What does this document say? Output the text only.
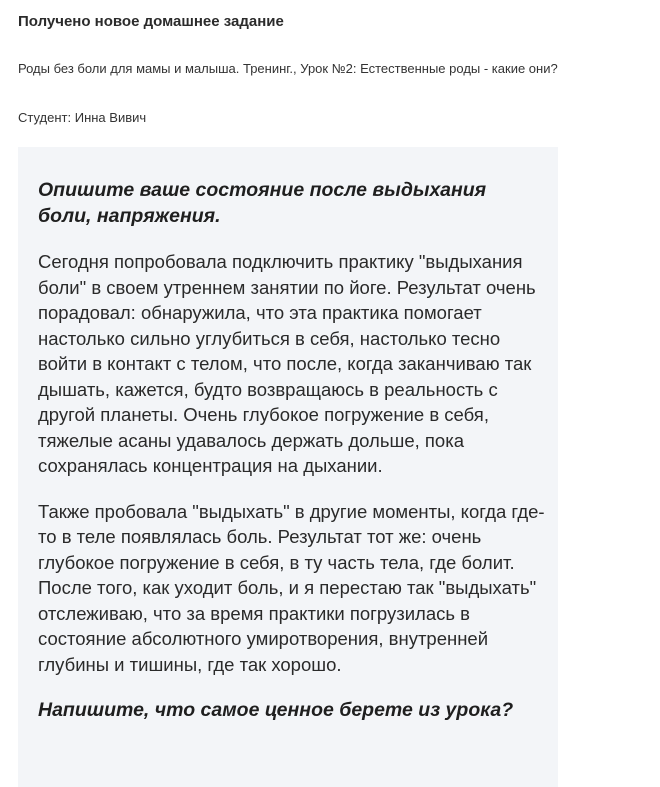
Получено новое домашнее задание
Роды без боли для мамы и малыша. Тренинг., Урок №2: Естественные роды - какие они?
Студент: Инна Вивич

Опишите ваше состояние после выдыхания боли, напряжения.

Сегодня попробовала подключить практику "выдыхания боли" в своем утреннем занятии по йоге. Результат очень порадовал: обнаружила, что эта практика помогает настолько сильно углубиться в себя, настолько тесно войти в контакт с телом, что после, когда заканчиваю так дышать, кажется, будто возвращаюсь в реальность с другой планеты. Очень глубокое погружение в себя, тяжелые асаны удавалось держать дольше, пока сохранялась концентрация на дыхании.

Также пробовала "выдыхать" в другие моменты, когда где-то в теле появлялась боль. Результат тот же: очень глубокое погружение в себя, в ту часть тела, где болит. После того, как уходит боль, и я перестаю так "выдыхать" отслеживаю, что за время практики погрузилась в состояние абсолютного умиротворения, внутренней глубины и тишины, где так хорошо.

Напишите, что самое ценное берете из урока?
